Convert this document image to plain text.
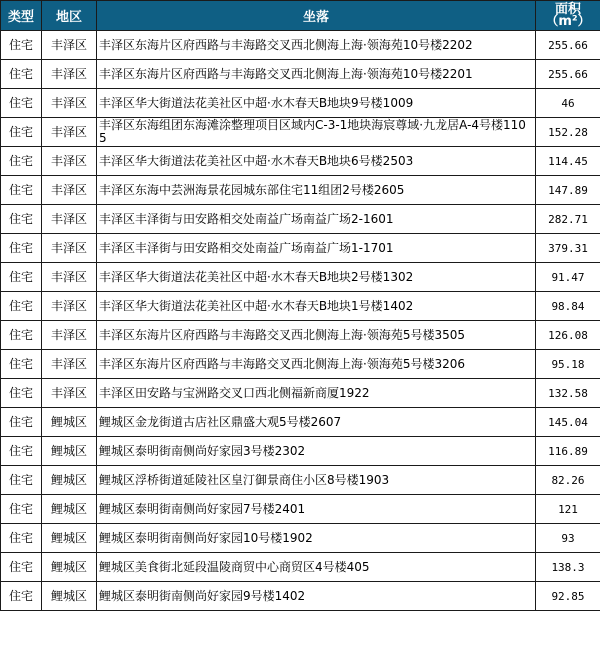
类型	地区	坐落	面积
（m²）

住宅	丰泽区	丰泽区东海片区府西路与丰海路交叉西北侧海上海·领海苑10号楼2202	255.66
住宅	丰泽区	丰泽区东海片区府西路与丰海路交叉西北侧海上海·领海苑10号楼2201	255.66
住宅	丰泽区	丰泽区华大街道法花美社区中超·水木春天B地块9号楼1009	46
住宅	丰泽区	丰泽区东海组团东海滩涂整理项目区域内C-3-1地块海宸尊域·九龙居A-4号楼1105	152.28
住宅	丰泽区	丰泽区华大街道法花美社区中超·水木春天B地块6号楼2503	114.45
住宅	丰泽区	丰泽区东海中芸洲海景花园城东部住宅11组团2号楼2605	147.89
住宅	丰泽区	丰泽区丰泽街与田安路相交处南益广场南益广场2-1601	282.71
住宅	丰泽区	丰泽区丰泽街与田安路相交处南益广场南益广场1-1701	379.31
住宅	丰泽区	丰泽区华大街道法花美社区中超·水木春天B地块2号楼1302	91.47
住宅	丰泽区	丰泽区华大街道法花美社区中超·水木春天B地块1号楼1402	98.84
住宅	丰泽区	丰泽区东海片区府西路与丰海路交叉西北侧海上海·领海苑5号楼3505	126.08
住宅	丰泽区	丰泽区东海片区府西路与丰海路交叉西北侧海上海·领海苑5号楼3206	95.18
住宅	丰泽区	丰泽区田安路与宝洲路交叉口西北侧福新商厦1922	132.58
住宅	鲤城区	鲤城区金龙街道古店社区鼎盛大观5号楼2607	145.04
住宅	鲤城区	鲤城区泰明街南侧尚好家园3号楼2302	116.89
住宅	鲤城区	鲤城区浮桥街道延陵社区皇汀御景商住小区8号楼1903	82.26
住宅	鲤城区	鲤城区泰明街南侧尚好家园7号楼2401	121
住宅	鲤城区	鲤城区泰明街南侧尚好家园10号楼1902	93
住宅	鲤城区	鲤城区美食街北延段温陵商贸中心商贸区4号楼405	138.3
住宅	鲤城区	鲤城区泰明街南侧尚好家园9号楼1402	92.85
